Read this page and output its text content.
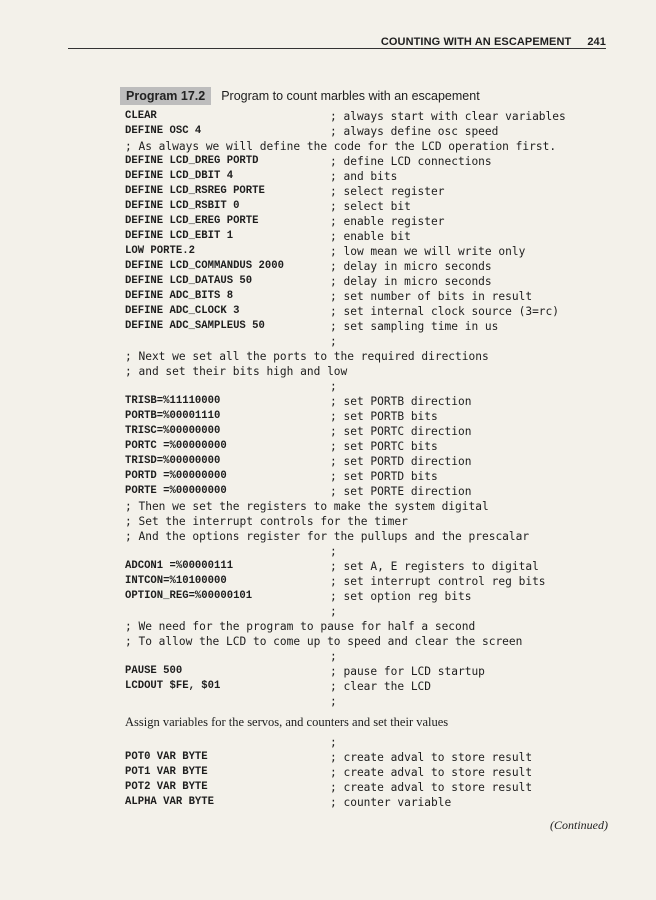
COUNTING WITH AN ESCAPEMENT 241
Program 17.2	Program to count marbles with an escapement
CLEAR	; always start with clear variables
DEFINE OSC 4	; always define osc speed
; As always we will define the code for the LCD operation first.
DEFINE LCD_DREG PORTD	; define LCD connections
DEFINE LCD_DBIT 4	; and bits
DEFINE LCD_RSREG PORTE	; select register
DEFINE LCD_RSBIT 0	; select bit
DEFINE LCD_EREG PORTE	; enable register
DEFINE LCD_EBIT 1	; enable bit
LOW PORTE.2	; low mean we will write only
DEFINE LCD_COMMANDUS 2000	; delay in micro seconds
DEFINE LCD_DATAUS 50	; delay in micro seconds
DEFINE ADC_BITS 8	; set number of bits in result
DEFINE ADC_CLOCK 3	; set internal clock source (3=rc)
DEFINE ADC_SAMPLEUS 50	; set sampling time in us
;
; Next we set all the ports to the required directions
; and set their bits high and low
;
TRISB=%11110000	; set PORTB direction
PORTB=%00001110	; set PORTB bits
TRISC=%00000000	; set PORTC direction
PORTC =%00000000	; set PORTC bits
TRISD=%00000000	; set PORTD direction
PORTD =%00000000	; set PORTD bits
PORTE =%00000000	; set PORTE direction
; Then we set the registers to make the system digital
; Set the interrupt controls for the timer
; And the options register for the pullups and the prescalar
;
ADCON1 =%00000111	; set A, E registers to digital
INTCON=%10100000	; set interrupt control reg bits
OPTION_REG=%00000101	; set option reg bits
;
; We need for the program to pause for half a second
; To allow the LCD to come up to speed and clear the screen
;
PAUSE 500	; pause for LCD startup
LCDOUT $FE, $01	; clear the LCD
;
Assign variables for the servos, and counters and set their values
;
POT0 VAR BYTE	; create adval to store result
POT1 VAR BYTE	; create adval to store result
POT2 VAR BYTE	; create adval to store result
ALPHA VAR BYTE	; counter variable
(Continued)
